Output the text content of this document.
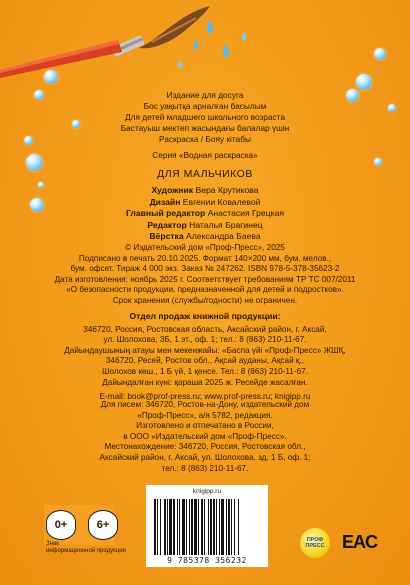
Издание для досуга
Бос уақытқа арналған басылым
Для детей младшего школьного возраста
Бастауыш мектеп жасындағы балалар үшін
Раскраска / Бояу кітабы
Серия «Водная раскраска»
ДЛЯ МАЛЬЧИКОВ
Художник Вера Крутикова
Дизайн Евгении Ковалевой
Главный редактор Анастасия Грецкая
Редактор Наталья Брагинец
Вёрстка Александра Баева
© Издательский дом «Проф-Пресс», 2025
Подписано в печать 20.10.2025. Формат 140×200 мм, бум. мелов.,
бум. офсет. Тираж 4 000 экз. Заказ № 247262. ISBN 978-5-378-35623-2
Дата изготовления: ноябрь 2025 г. Соответствует требованиям ТР ТС 007/2011
«О безопасности продукции, предназначенной для детей и подростков».
Срок хранения (службы/годности) не ограничен.
Отдел продаж книжной продукции:
346720, Россия, Ростовская область, Аксайский район, г. Аксай,
ул. Шолохова, 3Б, 1 эт., оф. 1; тел.: 8 (863) 210-11-67.
Дайындаушының атауы мен мекенжайы: «Баспа үйі «Проф-Пресс» ЖШҚ,
346720, Ресей, Ростов обл., Ақсай ауданы, Ақсай қ.,
Шолохов көш., 1 Б үй, 1 қенсе. Тел.: 8 (863) 210-11-67.
Дайындалған күні: қараша 2025 ж. Ресейде жасалған.
E-mail: book@prof-press.ru; www.prof-press.ru; knigipp.ru
Для писем: 346720, Ростов-на-Дону, издательский дом
«Проф-Пресс», а/я 5782, редакция.
Изготовлено и отпечатано в России,
в ООО «Издательский дом «Проф-Пресс».
Местонахождение: 346720, Россия, Ростовская обл.,
Аксайский район, г. Аксай, ул. Шолохова, зд. 1 Б, оф. 1;
тел.: 8 (863) 210-11-67.
0+	6+
Знак
информационной продукции
knigipp.ru
9 785378 356232
ПРОФ ПРЕСС EAC
